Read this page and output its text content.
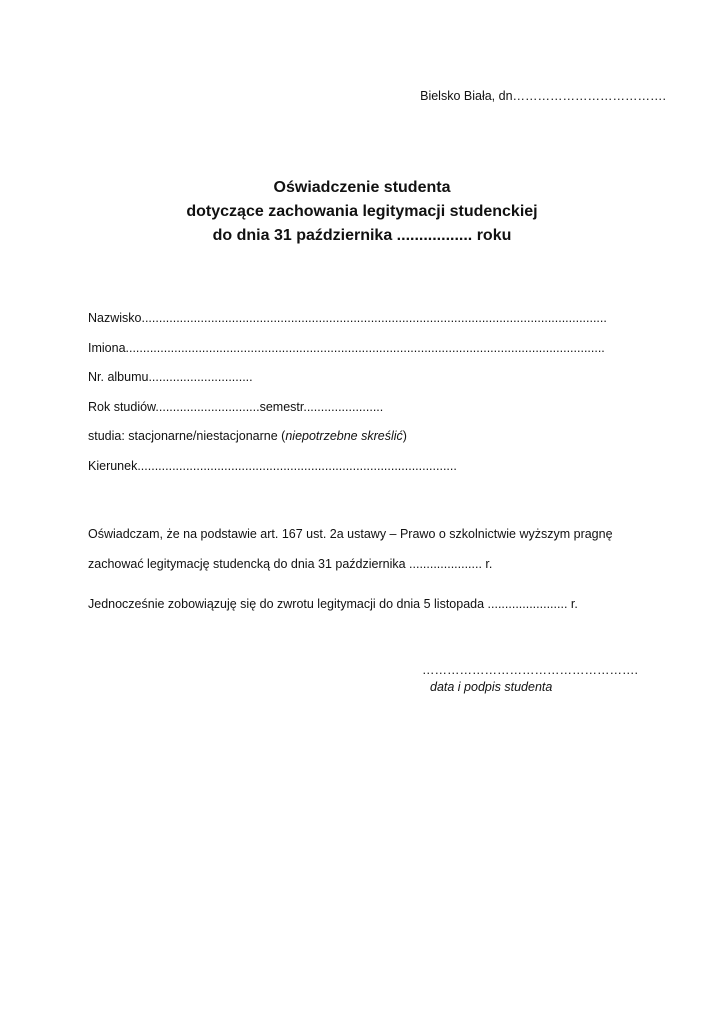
Bielsko Biała, dn……………………………….
Oświadczenie studenta
dotyczące zachowania legitymacji studenckiej
do dnia 31 października ................. roku
Nazwisko......................................................................................................................................
Imiona..........................................................................................................................................
Nr. albumu..............................
Rok studiów..............................semestr.......................
studia: stacjonarne/niestacjonarne (niepotrzebne skreślić)
Kierunek............................................................................................
Oświadczam, że na podstawie art. 167 ust. 2a ustawy – Prawo o szkolnictwie wyższym pragnę
zachować legitymację studencką do dnia 31 października ..................... r.
Jednocześnie zobowiązuję się do zwrotu legitymacji do dnia 5 listopada ....................... r.
…………………………………………….
data i podpis studenta
